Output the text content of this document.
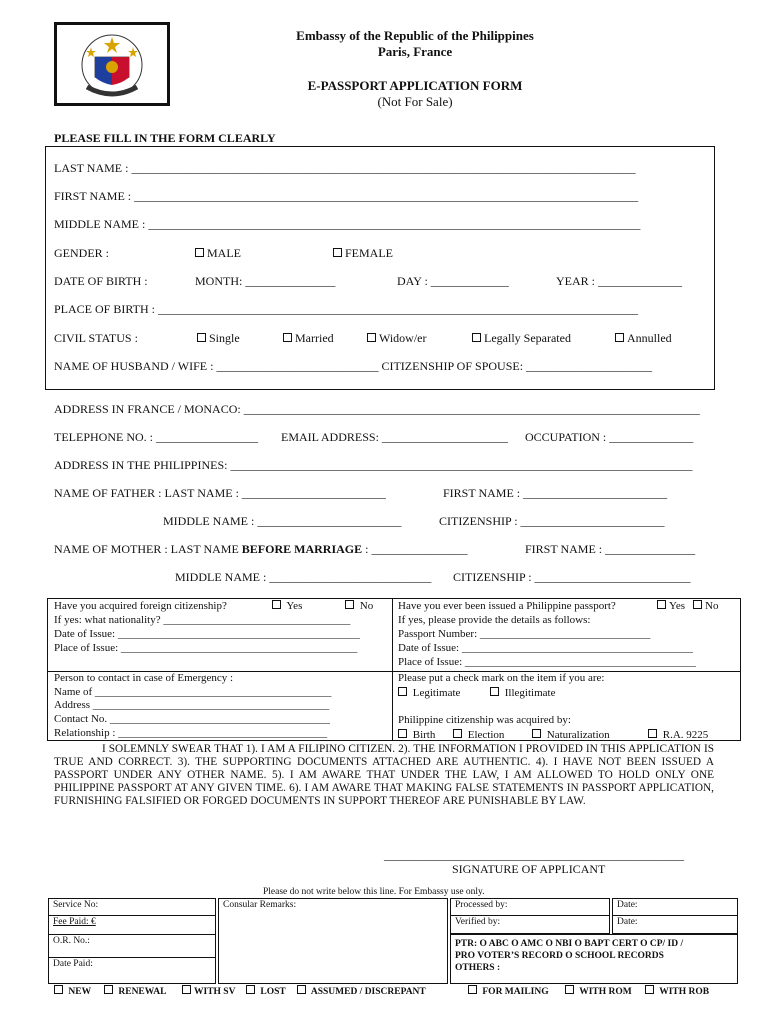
Embassy of the Republic of the Philippines
Paris, France
E-PASSPORT APPLICATION FORM
(Not For Sale)
PLEASE FILL IN THE FORM CLEARLY
LAST NAME : ____________________________________________________________________________________
FIRST NAME : ____________________________________________________________________________________
MIDDLE NAME : __________________________________________________________________________________
GENDER :	MALE	FEMALE
DATE OF BIRTH :	MONTH: _______________	DAY : _____________	YEAR : ______________
PLACE OF BIRTH : ________________________________________________________________________________
CIVIL STATUS :	Single	Married	Widow/er	Legally Separated	Annulled
NAME OF HUSBAND / WIFE : ___________________________ CITIZENSHIP OF SPOUSE: _____________________
ADDRESS IN FRANCE / MONACO: ____________________________________________________________________________
TELEPHONE NO. : _________________ EMAIL ADDRESS: _____________________ OCCUPATION : ______________
ADDRESS IN THE PHILIPPINES: _____________________________________________________________________________
NAME OF FATHER : LAST NAME : ________________________	FIRST NAME : ________________________
MIDDLE NAME : ________________________	CITIZENSHIP : ________________________
NAME OF MOTHER : LAST NAME BEFORE MARRIAGE : ________________	FIRST NAME : _______________
MIDDLE NAME : ___________________________ CITIZENSHIP : __________________________
Have you acquired foreign citizenship?	Yes	No
If yes: what nationality? __________________________________
Date of Issue: ____________________________________________
Place of Issue: ___________________________________________
Have you ever been issued a Philippine passport?	Yes	No
If yes, please provide the details as follows:
Passport Number: _______________________________
Date of Issue: __________________________________________
Place of Issue: __________________________________________
Person to contact in case of Emergency :
Name of ___________________________________________
Address ___________________________________________
Contact No. ________________________________________
Relationship : ______________________________________
Please put a check mark on the item if you are:
Legitimate	Illegitimate
Philippine citizenship was acquired by:
Birth	Election	Naturalization	R.A. 9225
I SOLEMNLY SWEAR THAT 1). I AM A FILIPINO CITIZEN. 2). THE INFORMATION I PROVIDED IN THIS APPLICATION IS TRUE AND CORRECT. 3). THE SUPPORTING DOCUMENTS ATTACHED ARE AUTHENTIC. 4). I HAVE NOT BEEN ISSUED A PASSPORT UNDER ANY OTHER NAME. 5). I AM AWARE THAT UNDER THE LAW, I AM ALLOWED TO HOLD ONLY ONE PHILIPPINE PASSPORT AT ANY GIVEN TIME. 6). I AM AWARE THAT MAKING FALSE STATEMENTS IN PASSPORT APPLICATION, FURNISHING FALSIFIED OR FORGED DOCUMENTS IN SUPPORT THEREOF ARE PUNISHABLE BY LAW.
__________________________________________________
SIGNATURE OF APPLICANT
Please do not write below this line. For Embassy use only.
Service No:
Fee Paid: €
O.R. No.:
Date Paid:
Consular Remarks:	Processed by:	Date:
Verified by:	Date:
PTR: O ABC O AMC O NBI O BAPT CERT O CP/ ID /
PRO VOTER’S RECORD O SCHOOL RECORDS
OTHERS :
NEW	RENEWAL	WITH SV	LOST	ASSUMED / DISCREPANT	FOR MAILING	WITH ROM	WITH ROB
